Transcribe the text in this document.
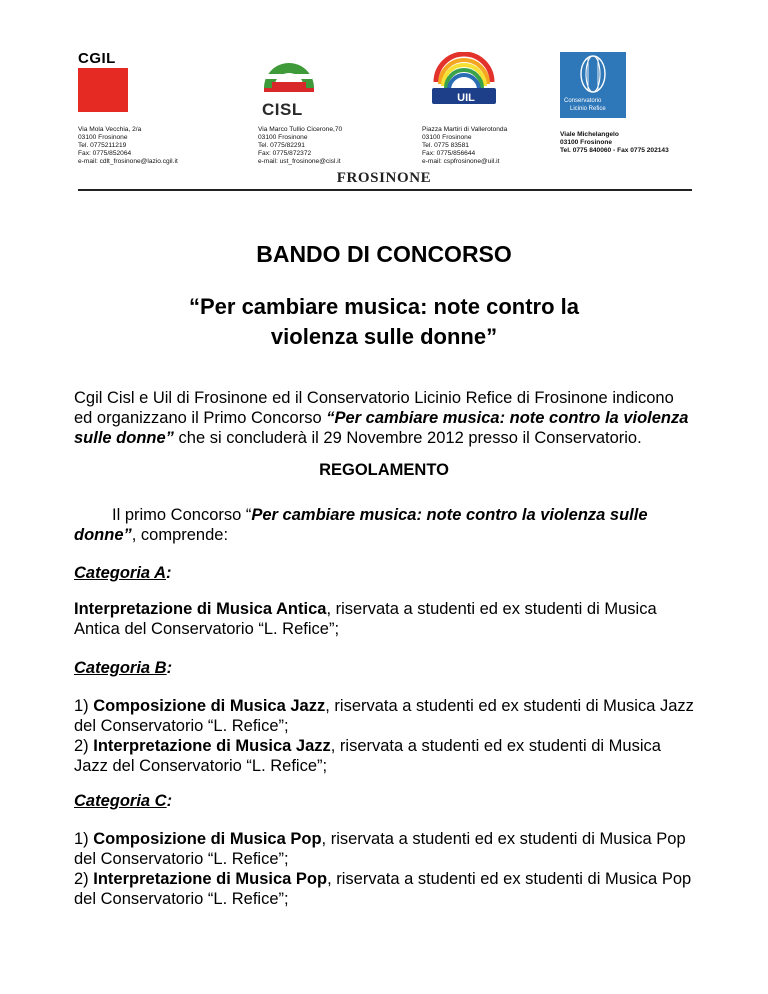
CGIL
CISL
UIL	Conservatorio
Licinio Refice
Via Mola Vecchia, 2/a
03100 Frosinone
Tel. 0775211219
Fax: 0775/852064
e-mail: cdlt_frosinone@lazio.cgil.it
Via Marco Tullio Cicerone,70
03100 Frosinone
Tel. 0775/82291
Fax: 0775/872372
e-mail: ust_frosinone@cisl.it
Piazza Martiri di Vallerotonda
03100 Frosinone
Tel. 0775 83581
Fax: 0775/856644
e-mail: cspfrosinone@uil.it
Viale Michelangelo
03100 Frosinone
Tel. 0775 840060 - Fax 0775 202143
FROSINONE
BANDO DI CONCORSO
“Per cambiare musica: note contro la
violenza sulle donne”
Cgil Cisl e Uil di Frosinone ed il Conservatorio Licinio Refice di Frosinone indicono ed organizzano il Primo Concorso “Per cambiare musica: note contro la violenza sulle donne” che si concluderà il 29 Novembre 2012 presso il Conservatorio.
REGOLAMENTO
Il primo Concorso “Per cambiare musica: note contro la violenza sulle donne”, comprende:
Categoria A:
Interpretazione di Musica Antica, riservata a studenti ed ex studenti di Musica Antica del Conservatorio “L. Refice”;
Categoria B:
1) Composizione di Musica Jazz, riservata a studenti ed ex studenti di Musica Jazz del Conservatorio “L. Refice”;
2) Interpretazione di Musica Jazz, riservata a studenti ed ex studenti di Musica Jazz del Conservatorio “L. Refice”;
Categoria C:
1) Composizione di Musica Pop, riservata a studenti ed ex studenti di Musica Pop del Conservatorio “L. Refice”;
2) Interpretazione di Musica Pop, riservata a studenti ed ex studenti di Musica Pop del Conservatorio “L. Refice”;
